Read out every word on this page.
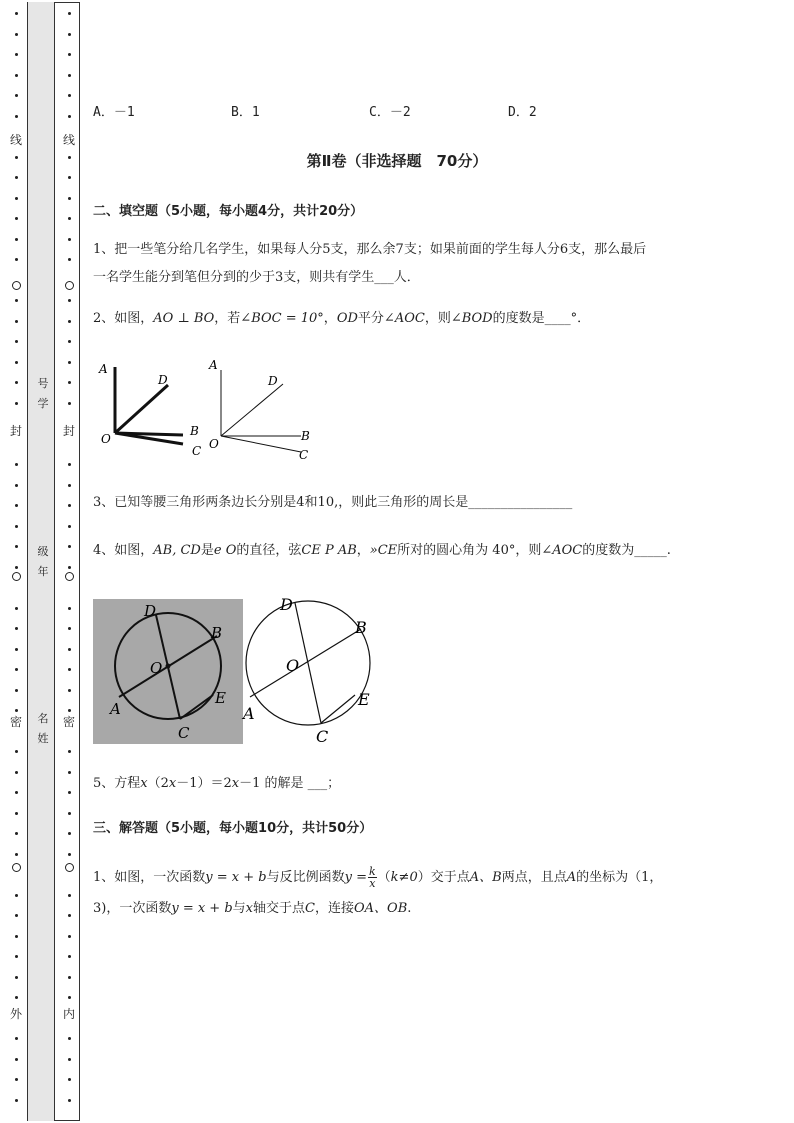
线
封
密
外
线
封
密
内
号
学
级
年
名
姓
A．－1	B．1	C．－2	D．2
第Ⅱ卷（非选择题　70分）
二、填空题（5小题，每小题4分，共计20分）
1、把一些笔分给几名学生，如果每人分5支，那么余7支；如果前面的学生每人分6支，那么最后
一名学生能分到笔但分到的少于3支，则共有学生___人．
2、如图，AO ⊥ BO，若∠BOC = 10°，OD平分∠AOC，则∠BOD的度数是____°．
A
D
B
C
O
A
D
B
C
O
3、已知等腰三角形两条边长分别是4和10,，则此三角形的周长是________________
4、如图，AB, CD是e O的直径，弦CE P AB，»CE所对的圆心角为 40°，则∠AOC的度数为_____.
D
B
O
E
A
C
D
B
O
E
A
C
5、方程x（2x－1）＝2x－1 的解是 ___；
三、解答题（5小题，每小题10分，共计50分）
1、如图，一次函数y = x + b与反比例函数$y = \frac{k}{x} (k\ne 0)$交于点A、B两点，且点A的坐标为（1，
3)，一次函数y = x + b与x轴交于点C，连接OA、OB.
